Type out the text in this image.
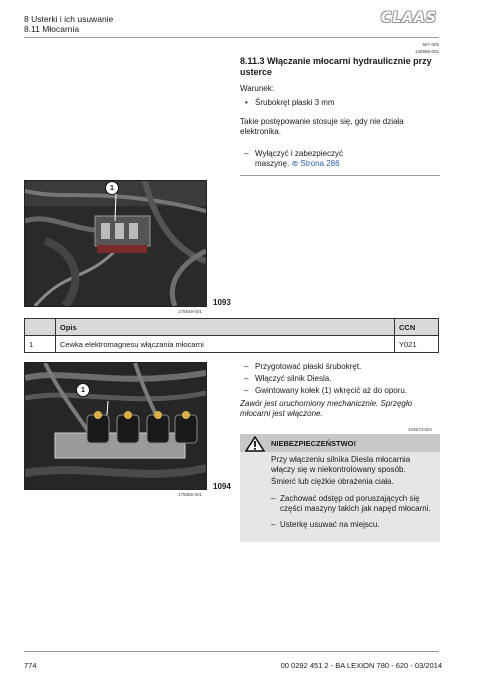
8 Usterki i ich usuwanie
8.11 Młocarnia
CLAAS
557-005
138966-001
8.11.3 Włączanie młocarni hydraulicznie przy usterce
Warunek:
• Śrubokręt płaski 3 mm
Takie postępowanie stosuje się, gdy nie działa elektronika.
– Wyłączyć i zabezpieczyć maszynę. ⊚ Strona 286
1
175849-001
1093
	Opis	CCN
1	Cewka elektromagnesu włączania młocarni	Y021
1
175856-001
1094
– Przygotować płaski śrubokręt.
– Włączyć silnik Diesla.
– Gwintowany kołek (1) wkręcić aż do oporu.
Zawór jest uruchomiony mechanicznie. Sprzęgło młocarni jest włączone.
103673-002
NIEBEZPIECZEŃSTWO!
Przy włączeniu silnika Diesla młocarnia włączy się w niekontrolowany sposób.
Śmierć lub ciężkie obrażenia ciała.
– Zachować odstęp od poruszających się części maszyny takich jak napęd młocarni.
– Usterkę usuwać na miejscu.
774	00 0292 451 2 - BA LEXION 780 - 620 - 03/2014
